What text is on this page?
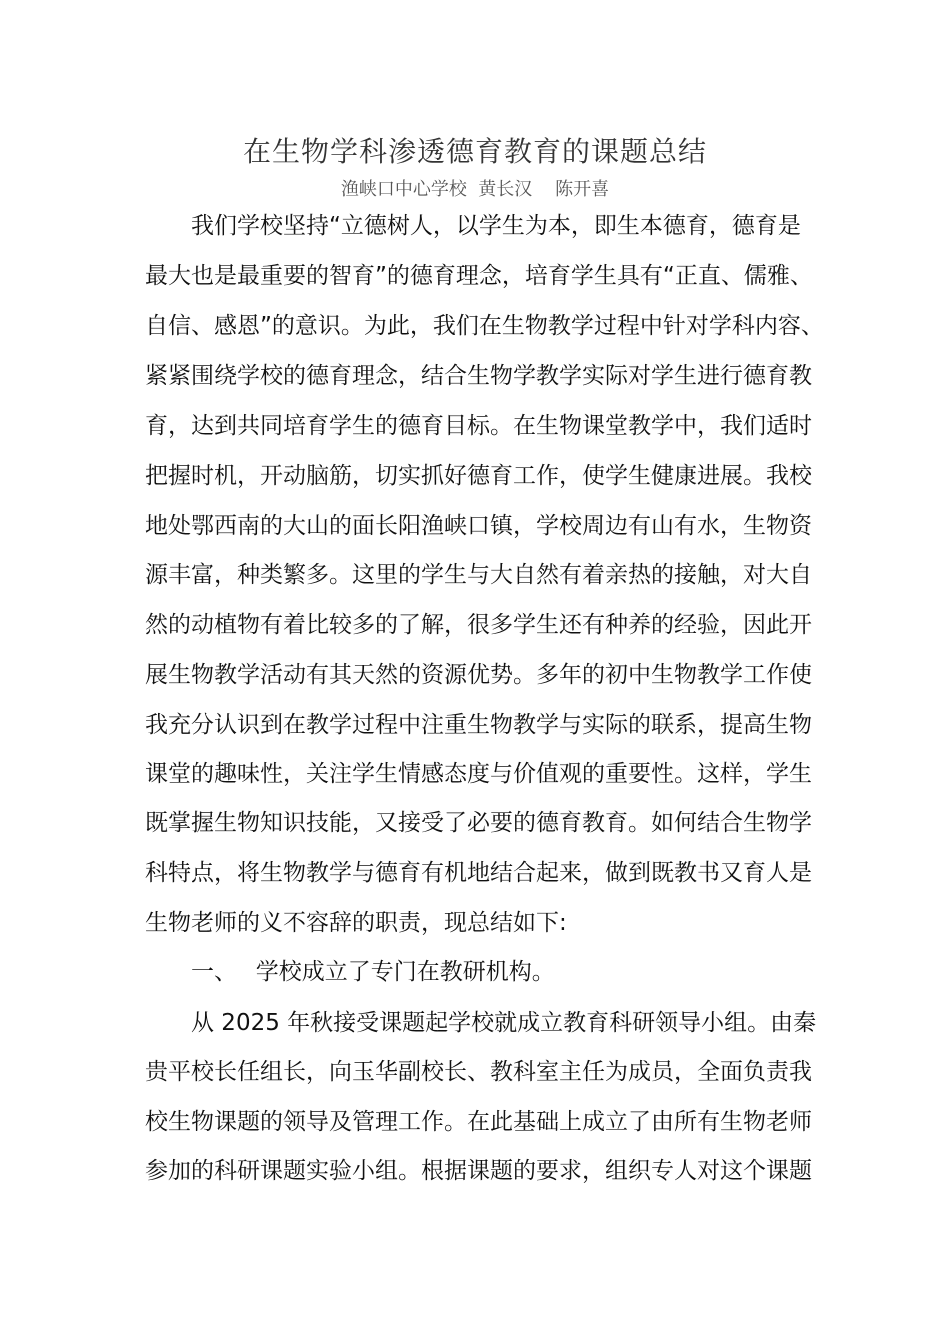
在生物学科渗透德育教育的课题总结
渔峡口中心学校  黄长汉    陈开喜
　　我们学校坚持“立德树人，以学生为本，即生本德育，德育是
最大也是最重要的智育”的德育理念，培育学生具有“正直、儒雅、
自信、感恩”的意识。为此，我们在生物教学过程中针对学科内容、
紧紧围绕学校的德育理念，结合生物学教学实际对学生进行德育教
育，达到共同培育学生的德育目标。在生物课堂教学中，我们适时
把握时机，开动脑筋，切实抓好德育工作，使学生健康进展。我校
地处鄂西南的大山的面长阳渔峡口镇，学校周边有山有水，生物资
源丰富，种类繁多。这里的学生与大自然有着亲热的接触，对大自
然的动植物有着比较多的了解，很多学生还有种养的经验，因此开
展生物教学活动有其天然的资源优势。多年的初中生物教学工作使
我充分认识到在教学过程中注重生物教学与实际的联系，提高生物
课堂的趣味性，关注学生情感态度与价值观的重要性。这样，学生
既掌握生物知识技能，又接受了必要的德育教育。如何结合生物学
科特点，将生物教学与德育有机地结合起来，做到既教书又育人是
生物老师的义不容辞的职责，现总结如下:
　　一、　 学校成立了专门在教研机构。
　　从 2025 年秋接受课题起学校就成立教育科研领导小组。由秦
贵平校长任组长，向玉华副校长、教科室主任为成员，全面负责我
校生物课题的领导及管理工作。在此基础上成立了由所有生物老师
参加的科研课题实验小组。根据课题的要求，组织专人对这个课题
